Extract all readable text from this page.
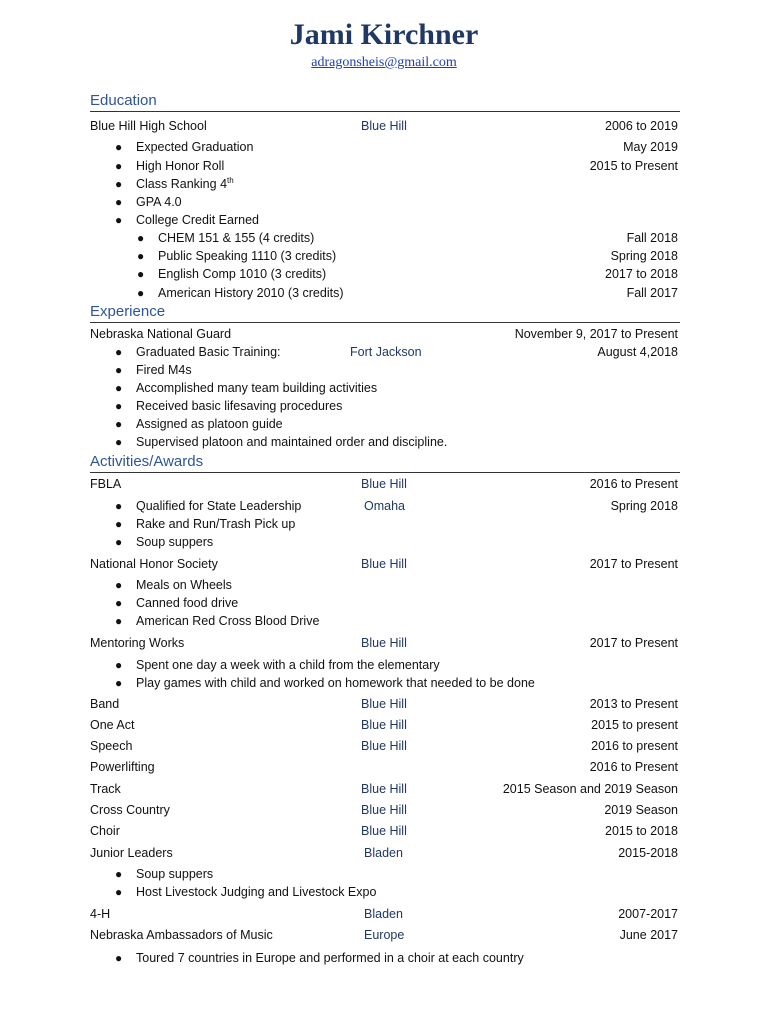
Jami Kirchner
adragonsheis@gmail.com
Education
Blue Hill High School	Blue Hill	2006 to 2019
● Expected Graduation	May 2019
● High Honor Roll	2015 to Present
● Class Ranking 4th
● GPA 4.0
● College Credit Earned
● CHEM 151 & 155 (4 credits)	Fall 2018
● Public Speaking 1110 (3 credits)	Spring 2018
● English Comp 1010 (3 credits)	2017 to 2018
● American History 2010 (3 credits)	Fall 2017
Experience
Nebraska National Guard	November 9, 2017 to Present
● Graduated Basic Training:	Fort Jackson	August 4,2018
● Fired M4s
● Accomplished many team building activities
● Received basic lifesaving procedures
● Assigned as platoon guide
● Supervised platoon and maintained order and discipline.
Activities/Awards
FBLA	Blue Hill	2016 to Present
● Qualified for State Leadership	Omaha	Spring 2018
● Rake and Run/Trash Pick up
● Soup suppers
National Honor Society	Blue Hill	2017 to Present
● Meals on Wheels
● Canned food drive
● American Red Cross Blood Drive
Mentoring Works	Blue Hill	2017 to Present
● Spent one day a week with a child from the elementary
● Play games with child and worked on homework that needed to be done
Band	Blue Hill	2013 to Present
One Act	Blue Hill	2015 to present
Speech	Blue Hill	2016 to present
Powerlifting	2016 to Present
Track	Blue Hill	2015 Season and 2019 Season
Cross Country	Blue Hill	2019 Season
Choir	Blue Hill	2015 to 2018
Junior Leaders	Bladen	2015-2018
● Soup suppers
● Host Livestock Judging and Livestock Expo
4-H	Bladen	2007-2017
Nebraska Ambassadors of Music	Europe	June 2017
● Toured 7 countries in Europe and performed in a choir at each country
